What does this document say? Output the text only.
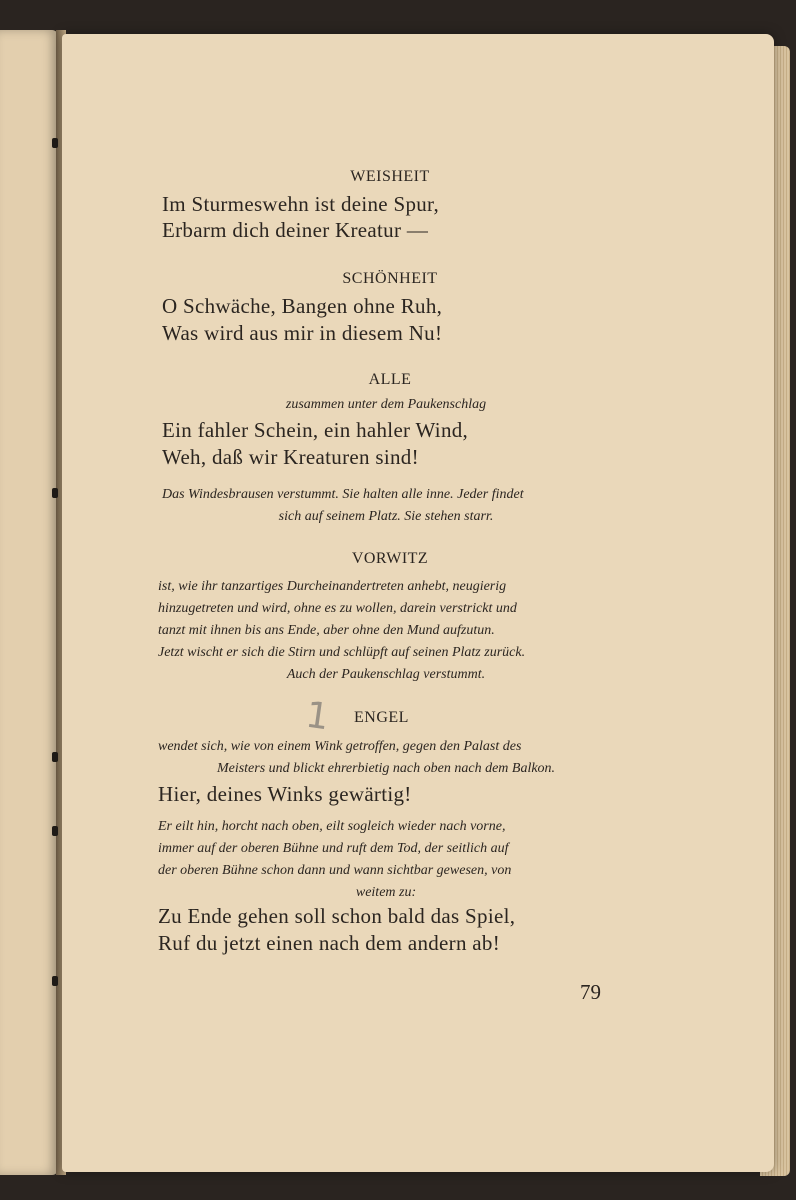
WEISHEIT
Im Sturmeswehn ist deine Spur,
Erbarm dich deiner Kreatur —
SCHÖNHEIT
O Schwäche, Bangen ohne Ruh,
Was wird aus mir in diesem Nu!
ALLE
zusammen unter dem Paukenschlag
Ein fahler Schein, ein hahler Wind,
Weh, daß wir Kreaturen sind!
Das Windesbrausen verstummt. Sie halten alle inne. Jeder findet
sich auf seinem Platz. Sie stehen starr.
VORWITZ
ist, wie ihr tanzartiges Durcheinandertreten anhebt, neugierig
hinzugetreten und wird, ohne es zu wollen, darein verstrickt und
tanzt mit ihnen bis ans Ende, aber ohne den Mund aufzutun.
Jetzt wischt er sich die Stirn und schlüpft auf seinen Platz zurück.
Auch der Paukenschlag verstummt.
1 ENGEL
wendet sich, wie von einem Wink getroffen, gegen den Palast des
Meisters und blickt ehrerbietig nach oben nach dem Balkon.
Hier, deines Winks gewärtig!
Er eilt hin, horcht nach oben, eilt sogleich wieder nach vorne,
immer auf der oberen Bühne und ruft dem Tod, der seitlich auf
der oberen Bühne schon dann und wann sichtbar gewesen, von
weitem zu:
Zu Ende gehen soll schon bald das Spiel,
Ruf du jetzt einen nach dem andern ab!
79
